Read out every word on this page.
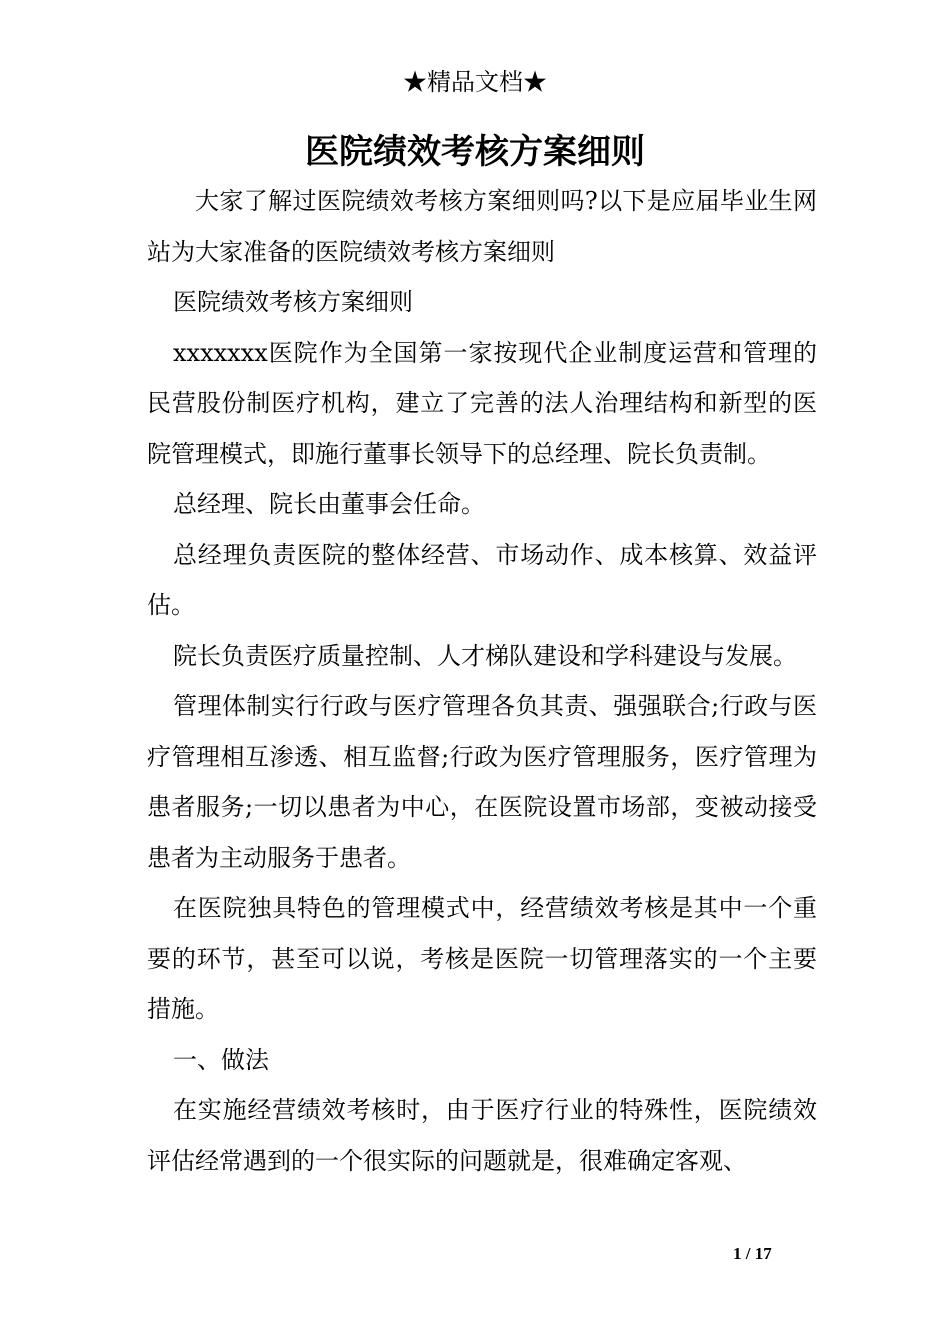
★精品文档★
医院绩效考核方案细则

大家了解过医院绩效考核方案细则吗?以下是应届毕业生网站为大家准备的医院绩效考核方案细则

医院绩效考核方案细则

xxxxxxx医院作为全国第一家按现代企业制度运营和管理的民营股份制医疗机构，建立了完善的法人治理结构和新型的医院管理模式，即施行董事长领导下的总经理、院长负责制。

总经理、院长由董事会任命。

总经理负责医院的整体经营、市场动作、成本核算、效益评估。

院长负责医疗质量控制、人才梯队建设和学科建设与发展。

管理体制实行行政与医疗管理各负其责、强强联合;行政与医疗管理相互渗透、相互监督;行政为医疗管理服务，医疗管理为患者服务;一切以患者为中心，在医院设置市场部，变被动接受患者为主动服务于患者。

在医院独具特色的管理模式中，经营绩效考核是其中一个重要的环节，甚至可以说，考核是医院一切管理落实的一个主要措施。

一、做法

在实施经营绩效考核时，由于医疗行业的特殊性，医院绩效评估经常遇到的一个很实际的问题就是，很难确定客观、

1 / 17
